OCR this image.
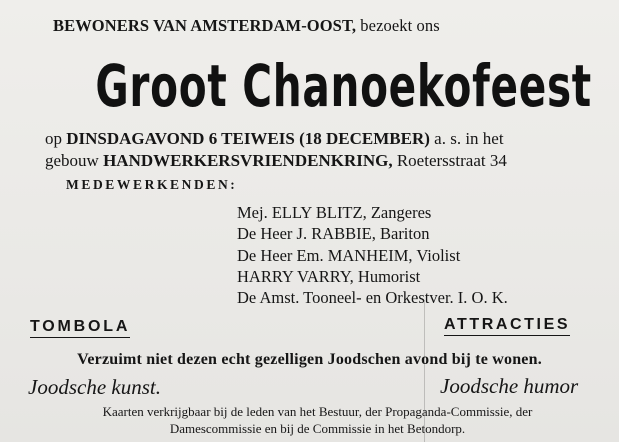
BEWONERS VAN AMSTERDAM-OOST, bezoekt ons
Groot Chanoekofeest
op DINSDAGAVOND 6 TEIWEIS (18 DECEMBER) a. s. in het
gebouw HANDWERKERSVRIENDENKRING, Roetersstraat 34
MEDEWERKENDEN:
Mej. ELLY BLITZ, Zangeres
De Heer J. RABBIE, Bariton
De Heer Em. MANHEIM, Violist
HARRY VARRY, Humorist
De Amst. Tooneel- en Orkestver. I. O. K.
TOMBOLA	ATTRACTIES
Verzuimt niet dezen echt gezelligen Joodschen avond bij te wonen.
Joodsche kunst.	Joodsche humor
Kaarten verkrijgbaar bij de leden van het Bestuur, der Propaganda-Commissie, der
Damescommissie en bij de Commissie in het Betondorp.
